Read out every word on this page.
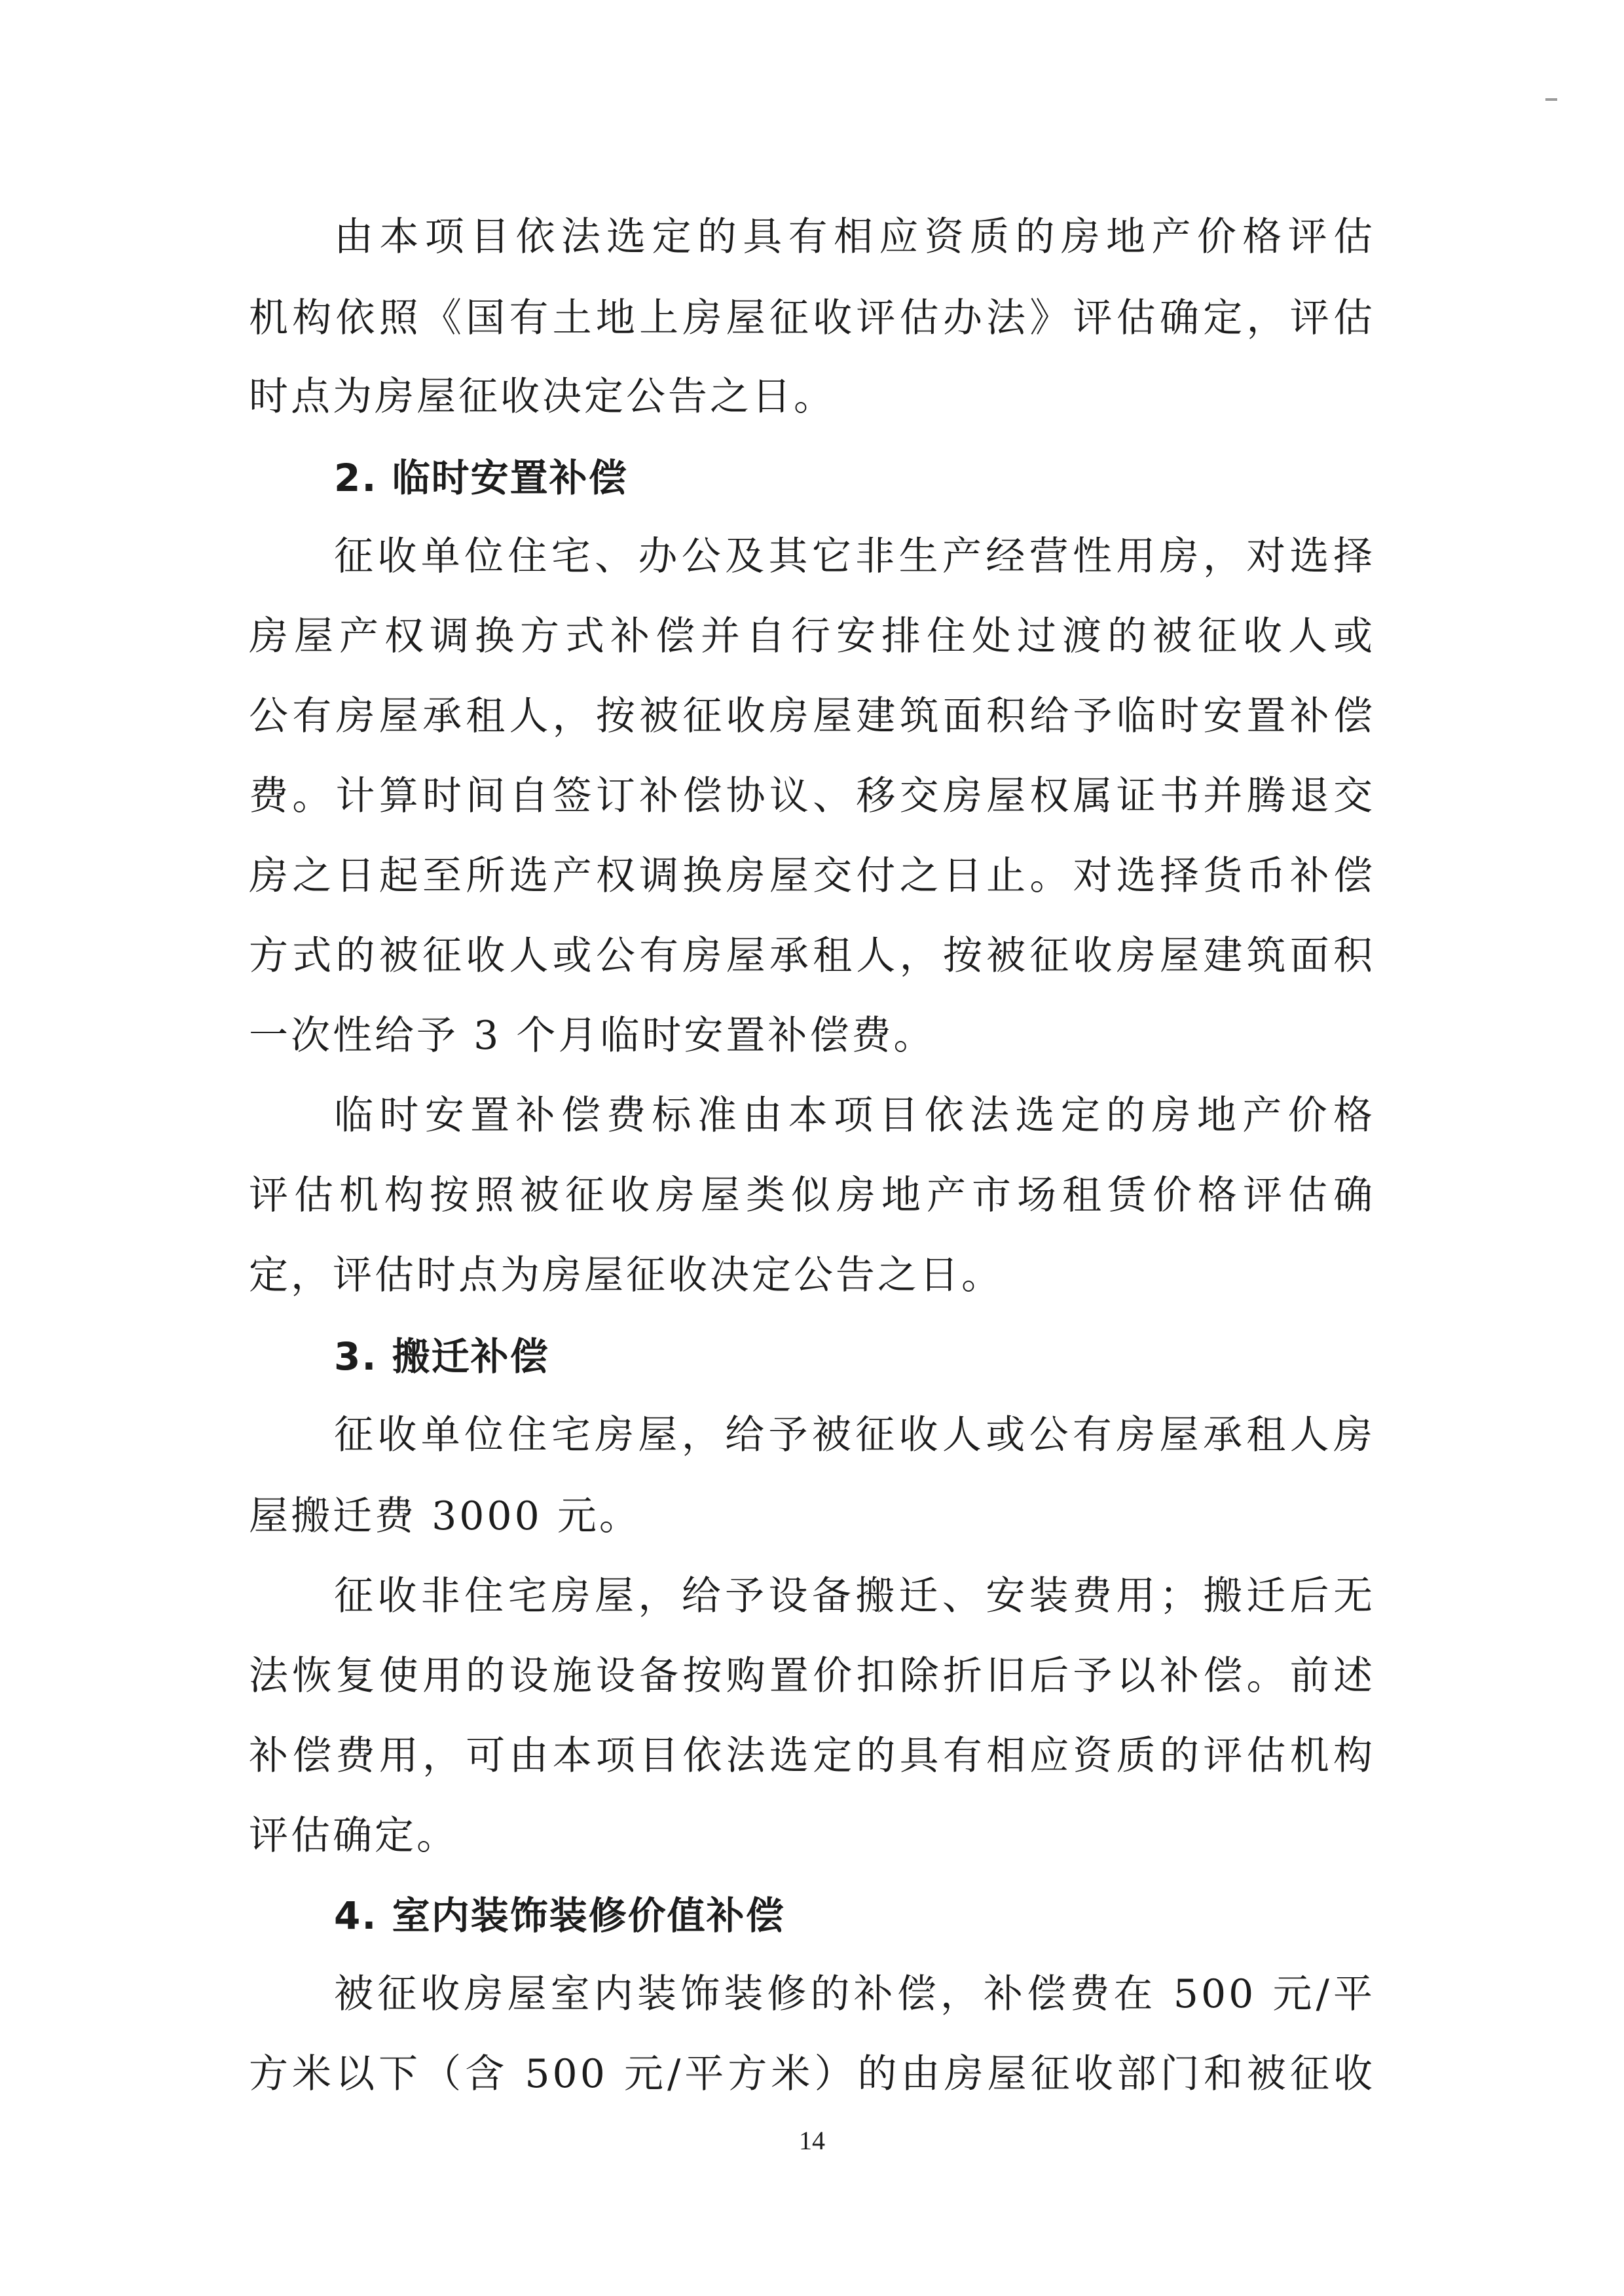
由本项目依法选定的具有相应资质的房地产价格评估
机构依照《国有土地上房屋征收评估办法》评估确定，评估
时点为房屋征收决定公告之日。
2. 临时安置补偿
征收单位住宅、办公及其它非生产经营性用房，对选择
房屋产权调换方式补偿并自行安排住处过渡的被征收人或
公有房屋承租人，按被征收房屋建筑面积给予临时安置补偿
费。计算时间自签订补偿协议、移交房屋权属证书并腾退交
房之日起至所选产权调换房屋交付之日止。对选择货币补偿
方式的被征收人或公有房屋承租人，按被征收房屋建筑面积
一次性给予 3 个月临时安置补偿费。
临时安置补偿费标准由本项目依法选定的房地产价格
评估机构按照被征收房屋类似房地产市场租赁价格评估确
定，评估时点为房屋征收决定公告之日。
3. 搬迁补偿
征收单位住宅房屋，给予被征收人或公有房屋承租人房
屋搬迁费 3000 元。
征收非住宅房屋，给予设备搬迁、安装费用；搬迁后无
法恢复使用的设施设备按购置价扣除折旧后予以补偿。前述
补偿费用，可由本项目依法选定的具有相应资质的评估机构
评估确定。
4. 室内装饰装修价值补偿
被征收房屋室内装饰装修的补偿，补偿费在 500 元/平
方米以下（含 500 元/平方米）的由房屋征收部门和被征收
14
